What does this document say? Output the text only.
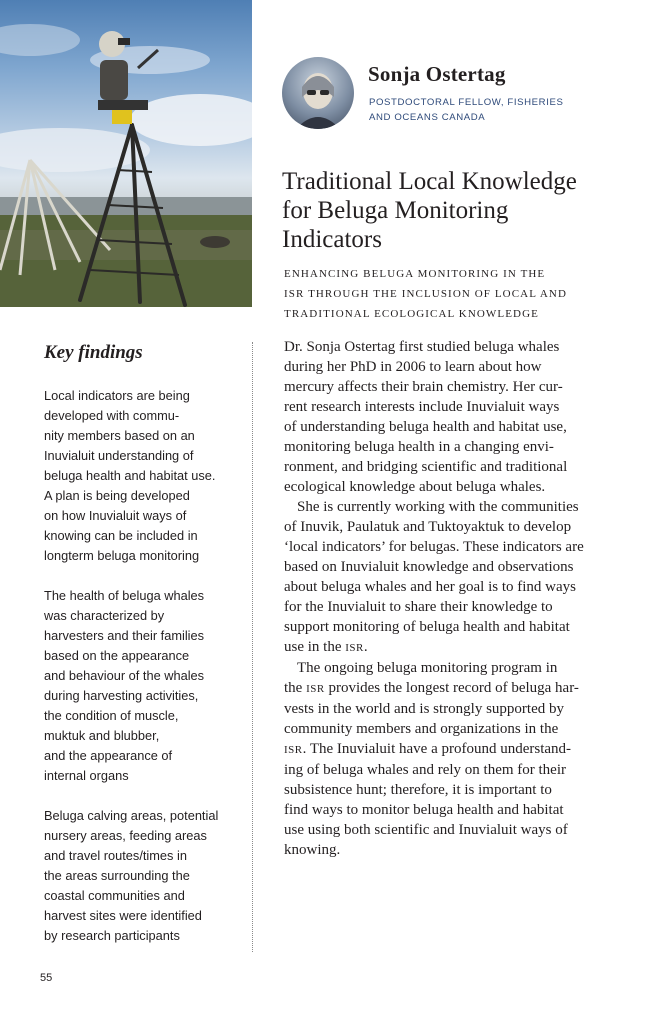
Sonja Ostertag
POSTDOCTORAL FELLOW, FISHERIES
AND OCEANS CANADA
Traditional Local Knowledge
for Beluga Monitoring
Indicators
ENHANCING BELUGA MONITORING IN THE
ISR THROUGH THE INCLUSION OF LOCAL AND
TRADITIONAL ECOLOGICAL KNOWLEDGE
Key findings
Local indicators are being
developed with commu-
nity members based on an
Inuvialuit understanding of
beluga health and habitat use.
A plan is being developed
on how Inuvialuit ways of
knowing can be included in
longterm beluga monitoring
The health of beluga whales
was characterized by
harvesters and their families
based on the appearance
and behaviour of the whales
during harvesting activities,
the condition of muscle,
muktuk and blubber,
and the appearance of
internal organs
Beluga calving areas, potential
nursery areas, feeding areas
and travel routes/times in
the areas surrounding the
coastal communities and
harvest sites were identified
by research participants
Dr. Sonja Ostertag first studied beluga whales
during her PhD in 2006 to learn about how
mercury affects their brain chemistry. Her cur-
rent research interests include Inuvialuit ways
of understanding beluga health and habitat use,
monitoring beluga health in a changing envi-
ronment, and bridging scientific and traditional
ecological knowledge about beluga whales.
She is currently working with the communities
of Inuvik, Paulatuk and Tuktoyaktuk to develop
‘local indicators’ for belugas. These indicators are
based on Inuvialuit knowledge and observations
about beluga whales and her goal is to find ways
for the Inuvialuit to share their knowledge to
support monitoring of beluga health and habitat
use in the ISR.
The ongoing beluga monitoring program in
the ISR provides the longest record of beluga har-
vests in the world and is strongly supported by
community members and organizations in the
ISR. The Inuvialuit have a profound understand-
ing of beluga whales and rely on them for their
subsistence hunt; therefore, it is important to
find ways to monitor beluga health and habitat
use using both scientific and Inuvialuit ways of
knowing.
55
